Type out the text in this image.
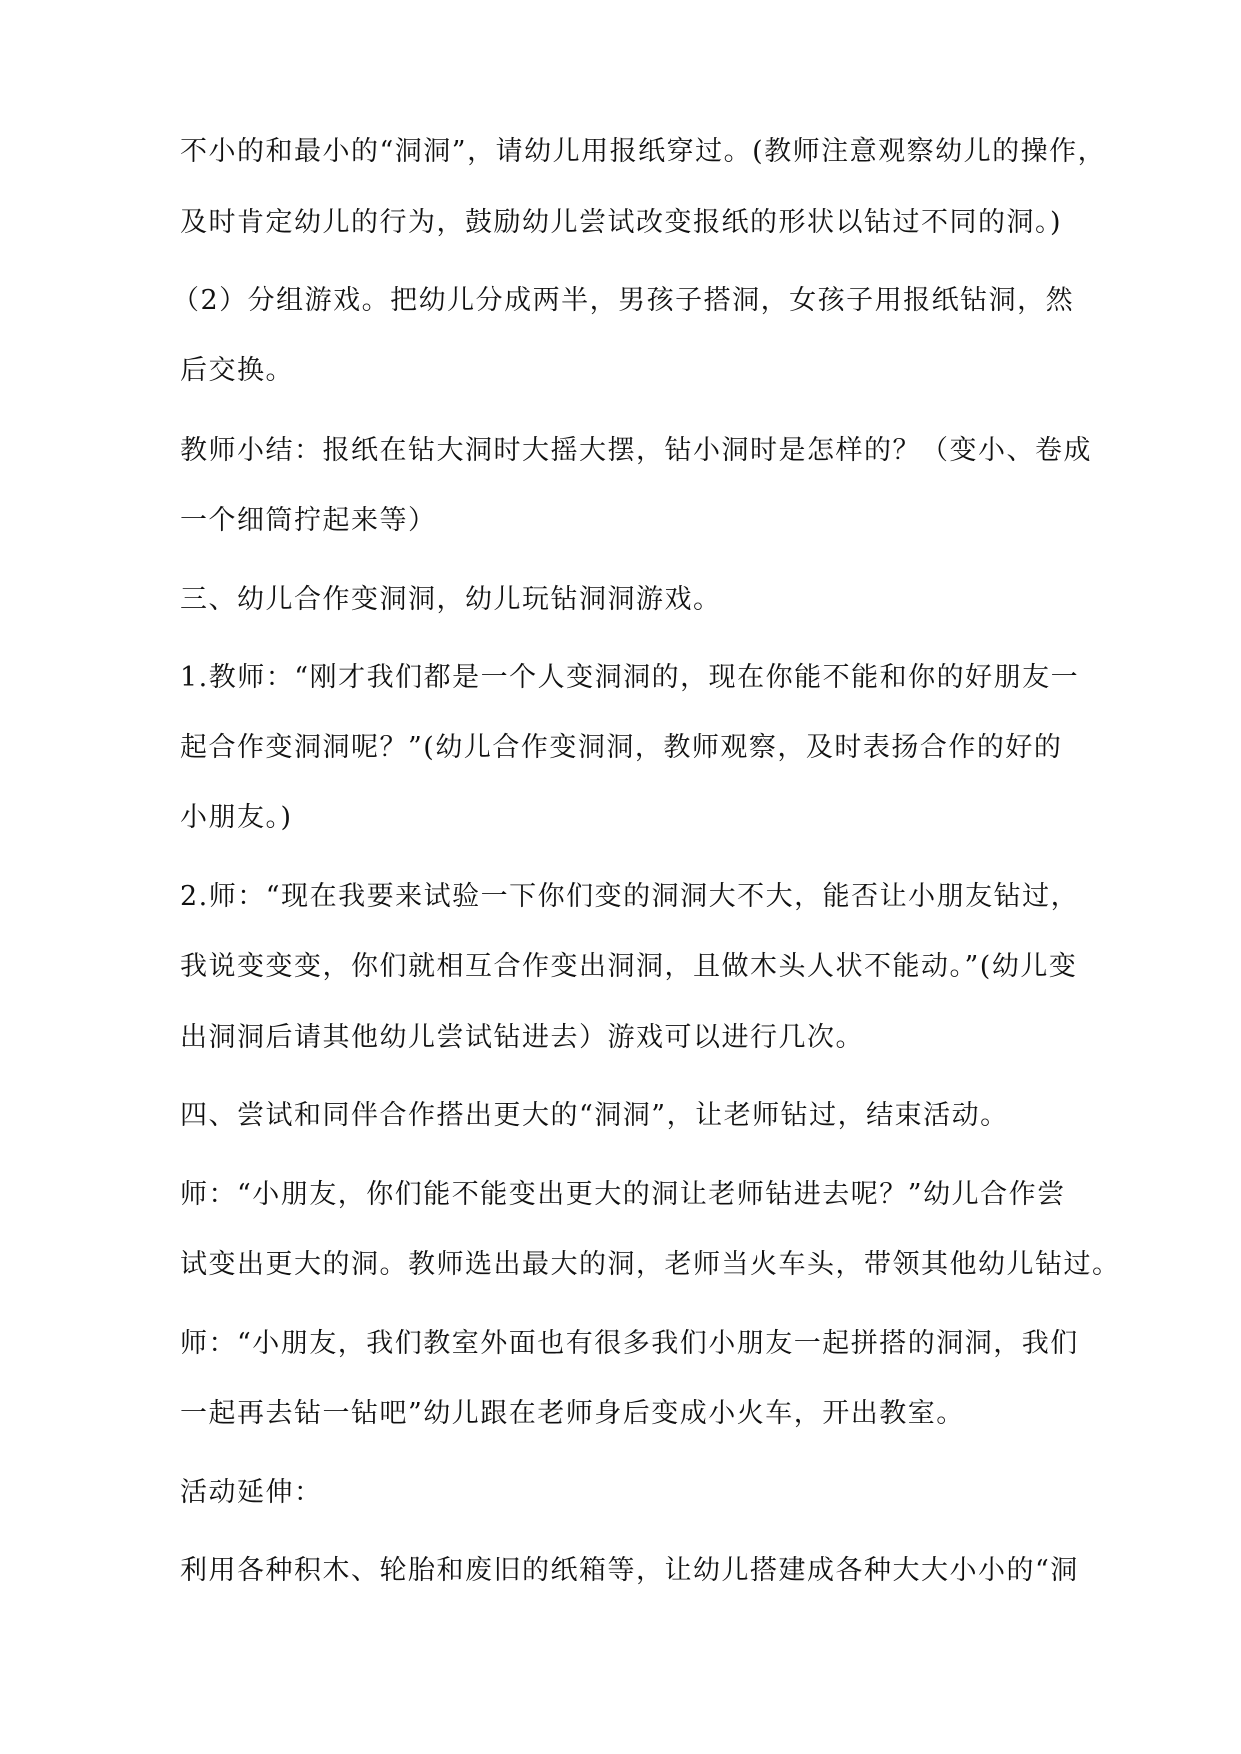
不小的和最小的“洞洞”，请幼儿用报纸穿过。(教师注意观察幼儿的操作，
及时肯定幼儿的行为，鼓励幼儿尝试改变报纸的形状以钻过不同的洞。)
（2）分组游戏。把幼儿分成两半，男孩子搭洞，女孩子用报纸钻洞，然
后交换。
教师小结：报纸在钻大洞时大摇大摆，钻小洞时是怎样的？（变小、卷成
一个细筒拧起来等）
三、幼儿合作变洞洞，幼儿玩钻洞洞游戏。
1.教师：“刚才我们都是一个人变洞洞的，现在你能不能和你的好朋友一
起合作变洞洞呢？”(幼儿合作变洞洞，教师观察，及时表扬合作的好的
小朋友。)
2.师：“现在我要来试验一下你们变的洞洞大不大，能否让小朋友钻过，
我说变变变，你们就相互合作变出洞洞，且做木头人状不能动。”(幼儿变
出洞洞后请其他幼儿尝试钻进去）游戏可以进行几次。
四、尝试和同伴合作搭出更大的“洞洞”，让老师钻过，结束活动。
师：“小朋友，你们能不能变出更大的洞让老师钻进去呢？”幼儿合作尝
试变出更大的洞。教师选出最大的洞，老师当火车头，带领其他幼儿钻过。
师：“小朋友，我们教室外面也有很多我们小朋友一起拼搭的洞洞，我们
一起再去钻一钻吧”幼儿跟在老师身后变成小火车，开出教室。
活动延伸：
利用各种积木、轮胎和废旧的纸箱等，让幼儿搭建成各种大大小小的“洞
